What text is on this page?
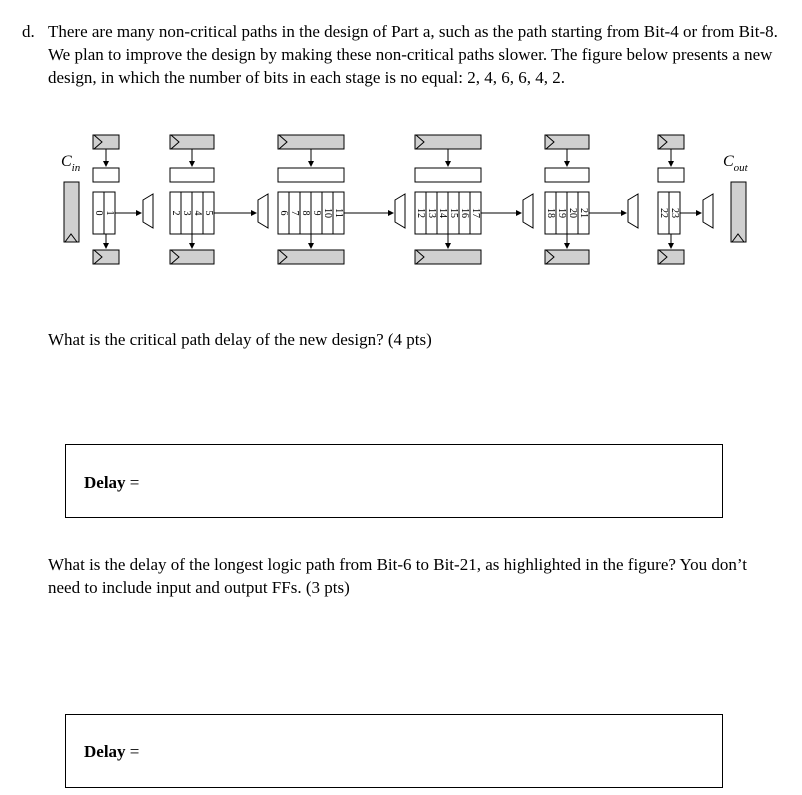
d. There are many non-critical paths in the design of Part a, such as the path starting from Bit-4 or from Bit-8. We plan to improve the design by making these non-critical paths slower. The figure below presents a new design, in which the number of bits in each stage is no equal: 2, 4, 6, 6, 4, 2.
0 1	2 3 4 5	6 7 8 9 10 11	12 13 14 15 16 17	18 19 20 21	22 23
$C_{in}$	$C_{out}$
What is the critical path delay of the new design? (4 pts)
Delay =
What is the delay of the longest logic path from Bit-6 to Bit-21, as highlighted in the figure? You don’t need to include input and output FFs. (3 pts)
Delay =
